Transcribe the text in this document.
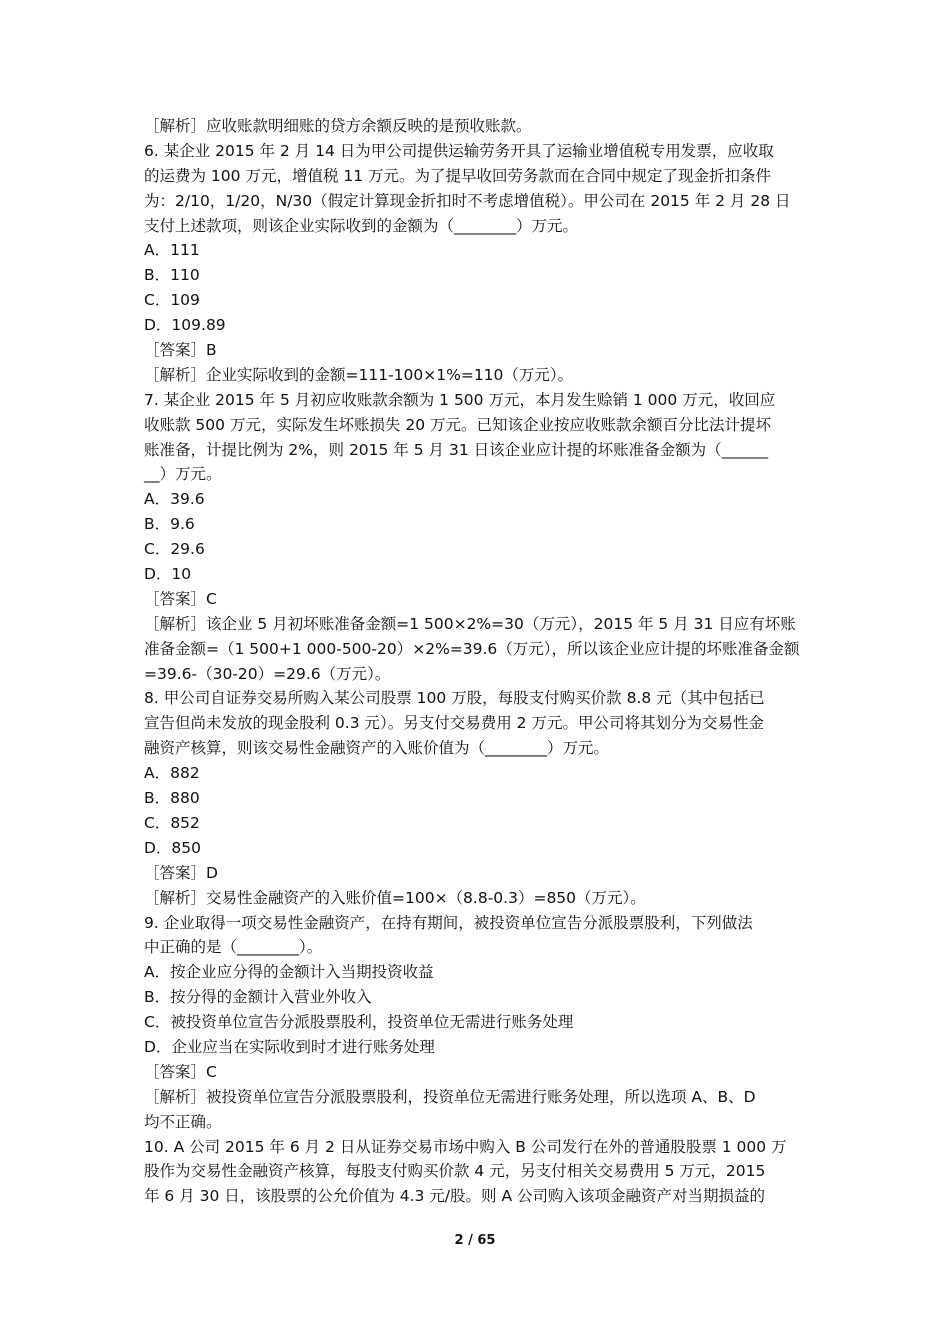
［解析］应收账款明细账的贷方余额反映的是预收账款。
6. 某企业 2015 年 2 月 14 日为甲公司提供运输劳务开具了运输业增值税专用发票，应收取
的运费为 100 万元，增值税 11 万元。为了提早收回劳务款而在合同中规定了现金折扣条件
为：2/10，1/20，N/30（假定计算现金折扣时不考虑增值税）。甲公司在 2015 年 2 月 28 日
支付上述款项，则该企业实际收到的金额为（________）万元。
A．111
B．110
C．109
D．109.89
［答案］B
［解析］企业实际收到的金额=111-100×1%=110（万元）。
7. 某企业 2015 年 5 月初应收账款余额为 1 500 万元，本月发生赊销 1 000 万元，收回应
收账款 500 万元，实际发生坏账损失 20 万元。已知该企业按应收账款余额百分比法计提坏
账准备，计提比例为 2%，则 2015 年 5 月 31 日该企业应计提的坏账准备金额为（______
__）万元。
A．39.6
B．9.6
C．29.6
D．10
［答案］C
［解析］该企业 5 月初坏账准备金额=1 500×2%=30（万元），2015 年 5 月 31 日应有坏账
准备金额=（1 500+1 000-500-20）×2%=39.6（万元），所以该企业应计提的坏账准备金额
=39.6-（30-20）=29.6（万元）。
8. 甲公司自证券交易所购入某公司股票 100 万股，每股支付购买价款 8.8 元（其中包括已
宣告但尚未发放的现金股利 0.3 元）。另支付交易费用 2 万元。甲公司将其划分为交易性金
融资产核算，则该交易性金融资产的入账价值为（________）万元。
A．882
B．880
C．852
D．850
［答案］D
［解析］交易性金融资产的入账价值=100×（8.8-0.3）=850（万元）。
9. 企业取得一项交易性金融资产，在持有期间，被投资单位宣告分派股票股利，下列做法
中正确的是（________）。
A．按企业应分得的金额计入当期投资收益
B．按分得的金额计入营业外收入
C．被投资单位宣告分派股票股利，投资单位无需进行账务处理
D．企业应当在实际收到时才进行账务处理
［答案］C
［解析］被投资单位宣告分派股票股利，投资单位无需进行账务处理，所以选项 A、B、D
均不正确。
10. A 公司 2015 年 6 月 2 日从证券交易市场中购入 B 公司发行在外的普通股股票 1 000 万
股作为交易性金融资产核算，每股支付购买价款 4 元，另支付相关交易费用 5 万元，2015
年 6 月 30 日，该股票的公允价值为 4.3 元/股。则 A 公司购入该项金融资产对当期损益的
2 / 65
